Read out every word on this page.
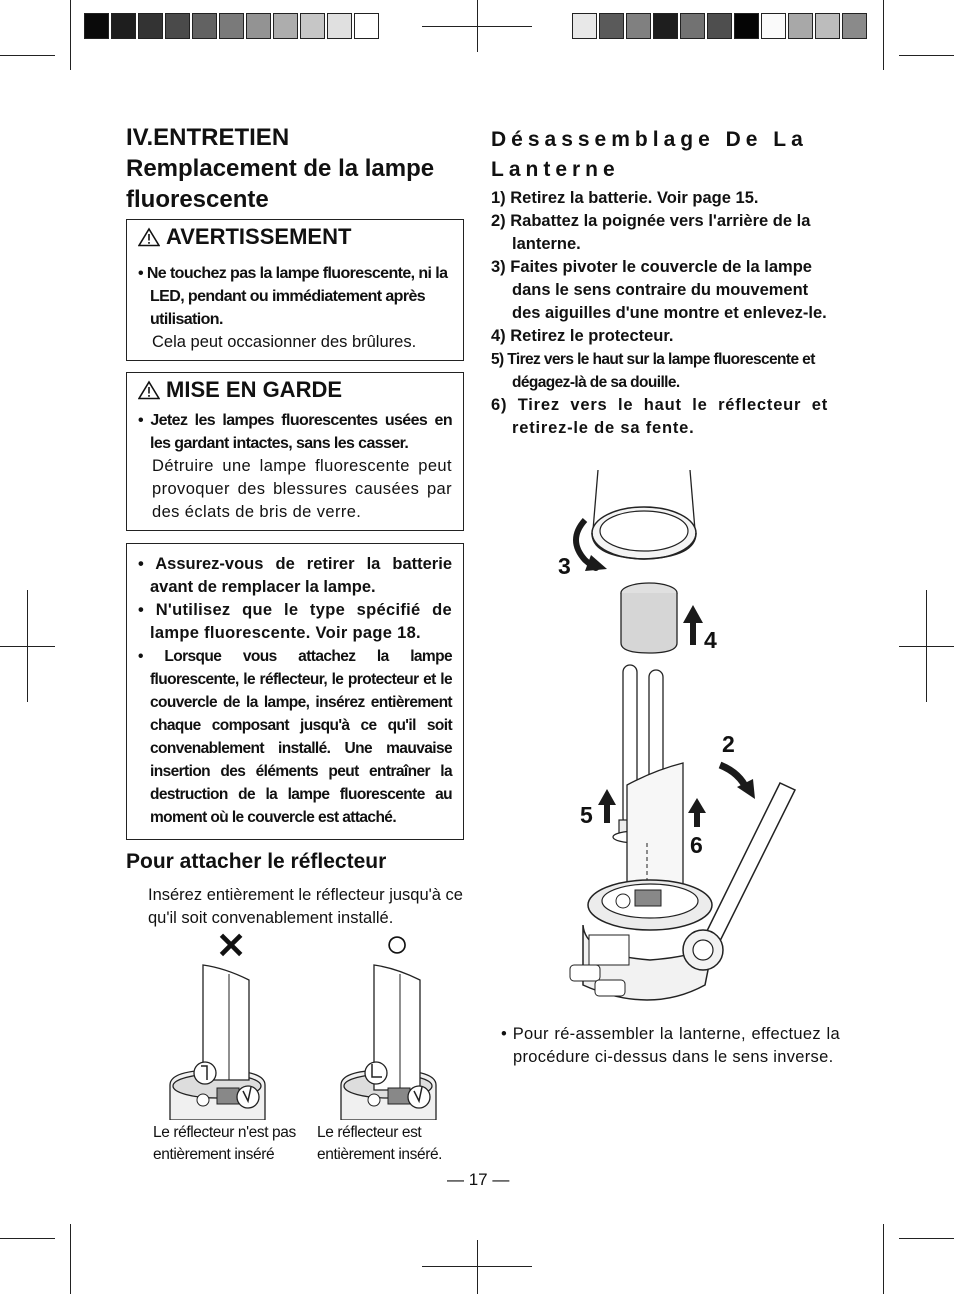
IV.ENTRETIEN Remplacement de la lampe fluorescente
AVERTISSEMENT

• Ne touchez pas la lampe fluorescente, ni la LED, pendant ou immédiatement après utilisation.

Cela peut occasionner des brûlures.

MISE EN GARDE

• Jetez les lampes fluorescentes usées en les gardant intactes, sans les casser.

Détruire une lampe fluorescente peut provoquer des blessures causées par des éclats de bris de verre.

• Assurez-vous de retirer la batterie avant de remplacer la lampe.

• N'utilisez que le type spécifié de lampe fluorescente. Voir page 18.

• Lorsque vous attachez la lampe fluorescente, le réflecteur, le protecteur et le couvercle de la lampe, insérez entièrement chaque composant jusqu'à ce qu'il soit convenablement installé. Une mauvaise insertion des éléments peut entraîner la destruction de la lampe fluorescente au moment où le couvercle est attaché.

Pour attacher le réflecteur

Insérez entièrement le réflecteur jusqu'à ce qu'il soit convenablement installé.

✕	○
Le réflecteur n'est pas
entièrement inséré
Le réflecteur est
entièrement inséré.
Désassemblage De La Lanterne

1) Retirez la batterie. Voir page 15.

2) Rabattez la poignée vers l'arrière de la lanterne.

3) Faites pivoter le couvercle de la lampe dans le sens contraire du mouvement des aiguilles d'une montre et enlevez-le.

4) Retirez le protecteur.

5) Tirez vers le haut sur la lampe fluorescente et dégagez-là de sa douille.

6) Tirez vers le haut le réflecteur et retirez-le de sa fente.

3
4
2
5
6

• Pour ré-assembler la lanterne, effectuez la procédure ci-dessus dans le sens inverse.

— 17 —
